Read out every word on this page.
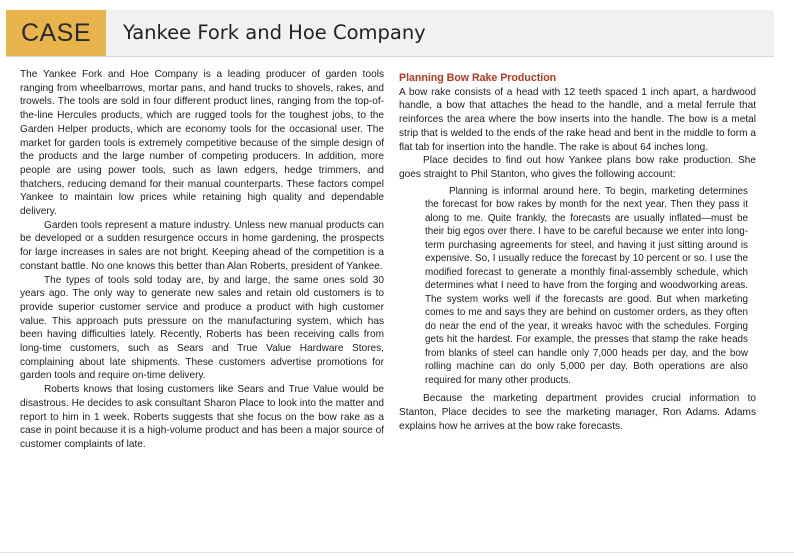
CASE	Yankee Fork and Hoe Company

The Yankee Fork and Hoe Company is a leading producer of garden tools ranging from wheelbarrows, mortar pans, and hand trucks to shovels, rakes, and trowels. The tools are sold in four different product lines, ranging from the top-of-the-line Hercules products, which are rugged tools for the toughest jobs, to the Garden Helper products, which are economy tools for the occasional user. The market for garden tools is extremely competitive because of the simple design of the products and the large number of competing producers. In addition, more people are using power tools, such as lawn edgers, hedge trimmers, and thatchers, reducing demand for their manual counterparts. These factors compel Yankee to maintain low prices while retaining high quality and dependable delivery.

Garden tools represent a mature industry. Unless new manual products can be developed or a sudden resurgence occurs in home gardening, the prospects for large increases in sales are not bright. Keeping ahead of the competition is a constant battle. No one knows this better than Alan Roberts, president of Yankee.

The types of tools sold today are, by and large, the same ones sold 30 years ago. The only way to generate new sales and retain old customers is to provide superior customer service and produce a product with high customer value. This approach puts pressure on the manufacturing system, which has been having difficulties lately. Recently, Roberts has been receiving calls from long-time customers, such as Sears and True Value Hardware Stores, complaining about late shipments. These customers advertise promotions for garden tools and require on-time delivery.

Roberts knows that losing customers like Sears and True Value would be disastrous. He decides to ask consultant Sharon Place to look into the matter and report to him in 1 week. Roberts suggests that she focus on the bow rake as a case in point because it is a high-volume product and has been a major source of customer complaints of late.

Planning Bow Rake Production

A bow rake consists of a head with 12 teeth spaced 1 inch apart, a hardwood handle, a bow that attaches the head to the handle, and a metal ferrule that reinforces the area where the bow inserts into the handle. The bow is a metal strip that is welded to the ends of the rake head and bent in the middle to form a flat tab for insertion into the handle. The rake is about 64 inches long.

Place decides to find out how Yankee plans bow rake production. She goes straight to Phil Stanton, who gives the following account:

Planning is informal around here. To begin, marketing determines the forecast for bow rakes by month for the next year. Then they pass it along to me. Quite frankly, the forecasts are usually inflated—must be their big egos over there. I have to be careful because we enter into long-term purchasing agreements for steel, and having it just sitting around is expensive. So, I usually reduce the forecast by 10 percent or so. I use the modified forecast to generate a monthly final-assembly schedule, which determines what I need to have from the forging and woodworking areas. The system works well if the forecasts are good. But when marketing comes to me and says they are behind on customer orders, as they often do near the end of the year, it wreaks havoc with the schedules. Forging gets hit the hardest. For example, the presses that stamp the rake heads from blanks of steel can handle only 7,000 heads per day, and the bow rolling machine can do only 5,000 per day. Both operations are also required for many other products.

Because the marketing department provides crucial information to Stanton, Place decides to see the marketing manager, Ron Adams. Adams explains how he arrives at the bow rake forecasts.
